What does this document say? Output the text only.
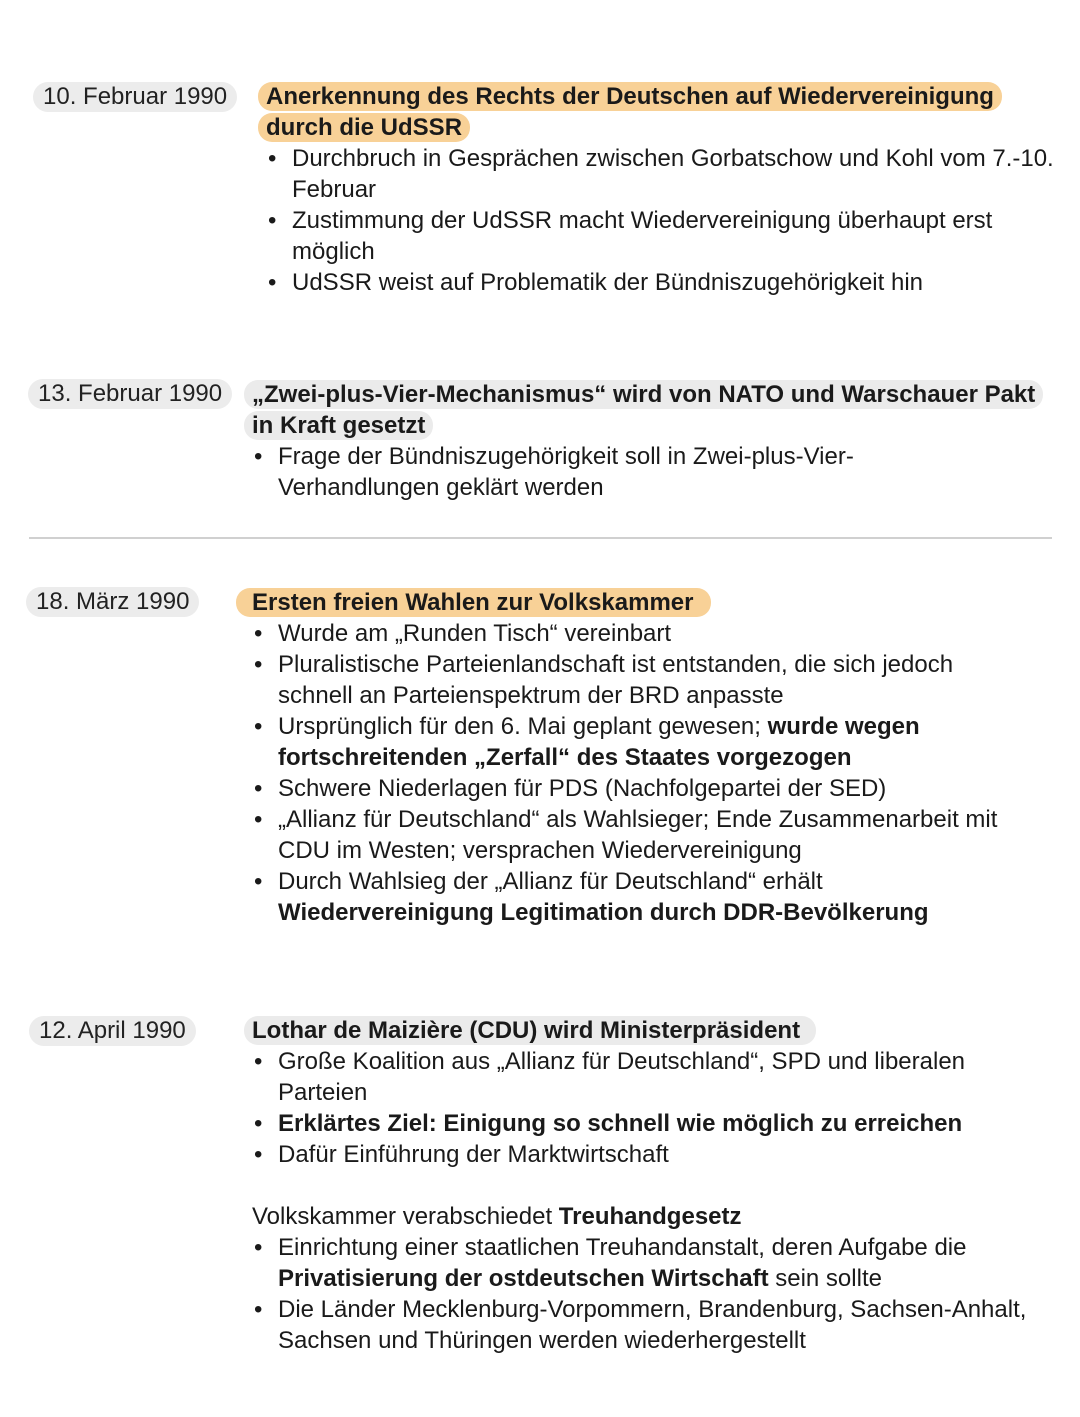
10. Februar 1990	Anerkennung des Rechts der Deutschen auf Wiedervereinigung durch die UdSSR
• Durchbruch in Gesprächen zwischen Gorbatschow und Kohl vom 7.-10. Februar
• Zustimmung der UdSSR macht Wiedervereinigung überhaupt erst möglich
• UdSSR weist auf Problematik der Bündniszugehörigkeit hin
13. Februar 1990	„Zwei-plus-Vier-Mechanismus“ wird von NATO und Warschauer Pakt in Kraft gesetzt
• Frage der Bündniszugehörigkeit soll in Zwei-plus-Vier-Verhandlungen geklärt werden
18. März 1990	Ersten freien Wahlen zur Volkskammer
• Wurde am „Runden Tisch“ vereinbart
• Pluralistische Parteienlandschaft ist entstanden, die sich jedoch schnell an Parteienspektrum der BRD anpasste
• Ursprünglich für den 6. Mai geplant gewesen; wurde wegen fortschreitenden „Zerfall“ des Staates vorgezogen
• Schwere Niederlagen für PDS (Nachfolgepartei der SED)
• „Allianz für Deutschland“ als Wahlsieger; Ende Zusammenarbeit mit CDU im Westen; versprachen Wiedervereinigung
• Durch Wahlsieg der „Allianz für Deutschland“ erhält Wiedervereinigung Legitimation durch DDR-Bevölkerung
12. April 1990	Lothar de Maizière (CDU) wird Ministerpräsident
• Große Koalition aus „Allianz für Deutschland“, SPD und liberalen Parteien
• Erklärtes Ziel: Einigung so schnell wie möglich zu erreichen
• Dafür Einführung der Marktwirtschaft
Volkskammer verabschiedet Treuhandgesetz
• Einrichtung einer staatlichen Treuhandanstalt, deren Aufgabe die Privatisierung der ostdeutschen Wirtschaft sein sollte
• Die Länder Mecklenburg-Vorpommern, Brandenburg, Sachsen-Anhalt, Sachsen und Thüringen werden wiederhergestellt
